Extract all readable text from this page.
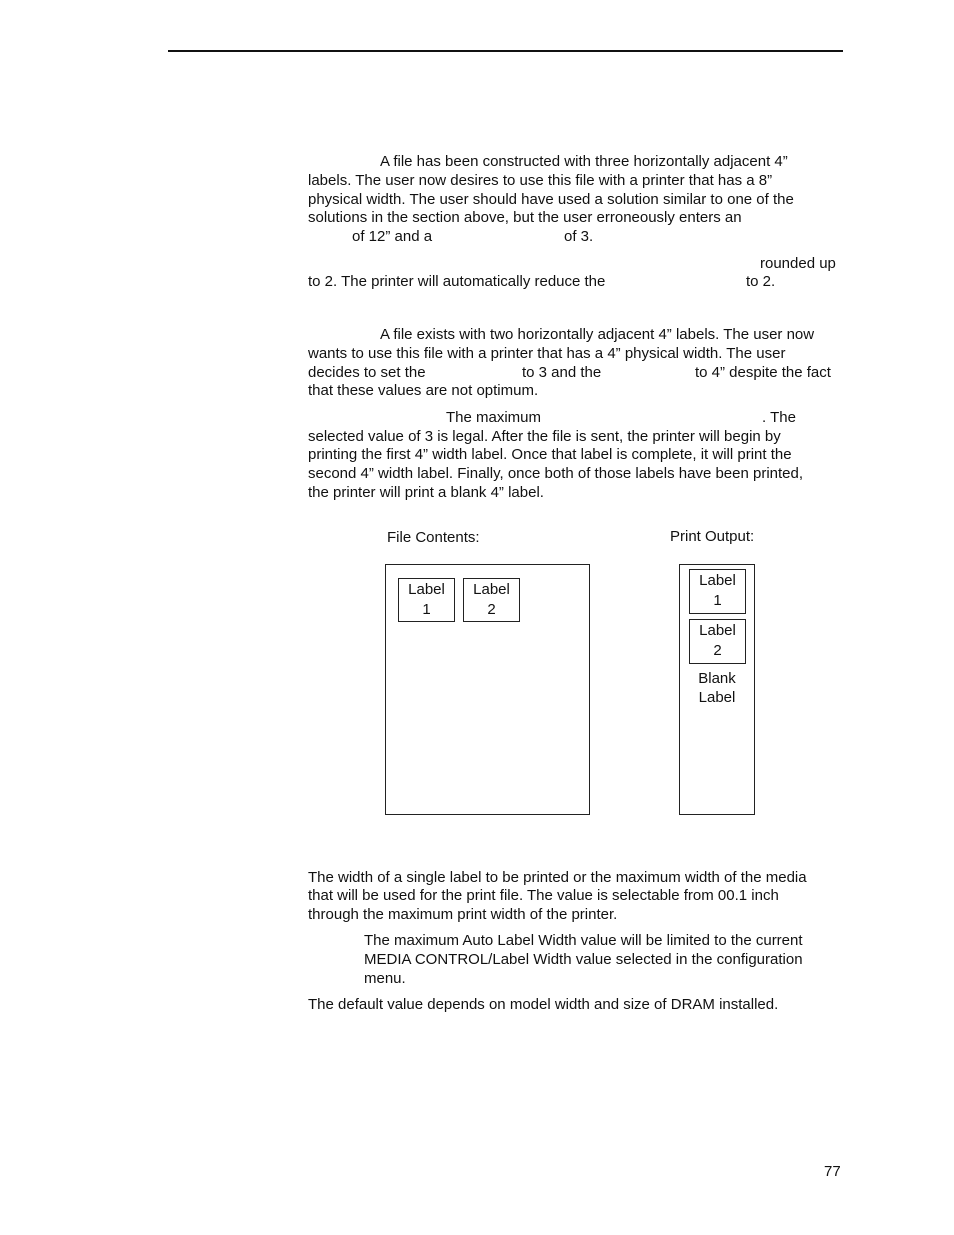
A file has been constructed with three horizontally adjacent 4”
labels. The user now desires to use this file with a printer that has a 8”
physical width. The user should have used a solution similar to one of the
solutions in the section above, but the user erroneously enters an
of 12” and a	of 3.
rounded up
to 2. The printer will automatically reduce the	to 2.
A file exists with two horizontally adjacent 4” labels. The user now
wants to use this file with a printer that has a 4” physical width. The user
decides to set the	to 3 and the	to 4” despite the fact
that these values are not optimum.
The maximum	. The
selected value of 3 is legal. After the file is sent, the printer will begin by
printing the first 4” width label. Once that label is complete, it will print the
second 4” width label. Finally, once both of those labels have been printed,
the printer will print a blank 4” label.
File Contents:	Print Output:
Label
1
Label
2
Label
1
Label
2
Blank
Label
The width of a single label to be printed or the maximum width of the media
that will be used for the print file. The value is selectable from 00.1 inch
through the maximum print width of the printer.
The maximum Auto Label Width value will be limited to the current
MEDIA CONTROL/Label Width value selected in the configuration
menu.
The default value depends on model width and size of DRAM installed.
77
